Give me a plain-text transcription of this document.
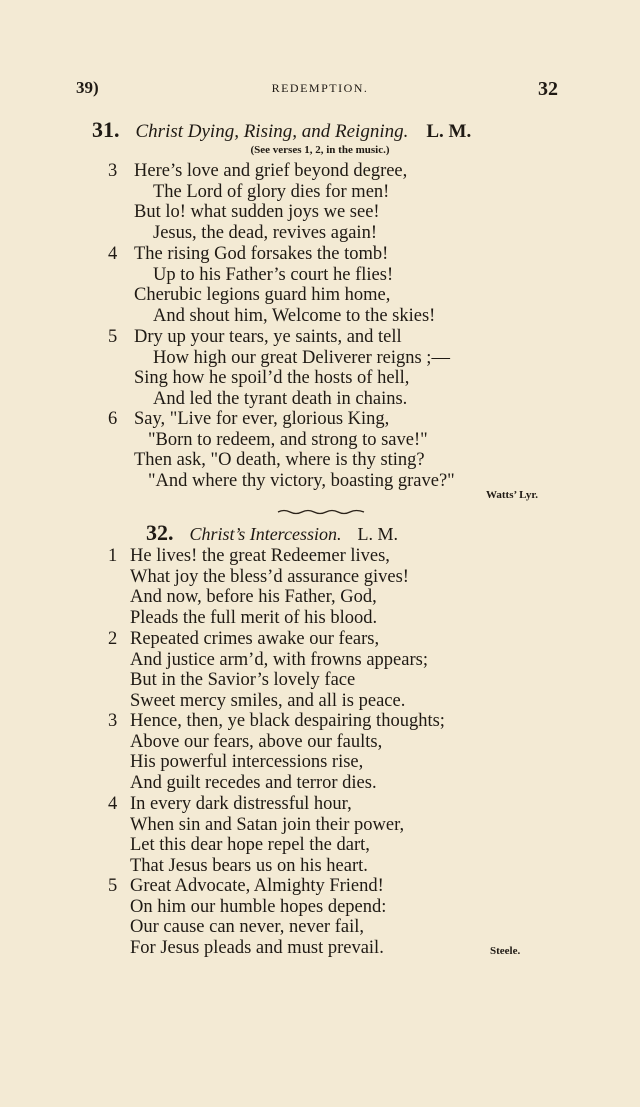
39)	REDEMPTION.	32
31. Christ Dying, Rising, and Reigning. L. M.
(See verses 1, 2, in the music.)
3 Here’s love and grief beyond degree,
The Lord of glory dies for men!
But lo! what sudden joys we see!
Jesus, the dead, revives again!
4 The rising God forsakes the tomb!
Up to his Father’s court he flies!
Cherubic legions guard him home,
And shout him, Welcome to the skies!
5 Dry up your tears, ye saints, and tell
How high our great Deliverer reigns ;—
Sing how he spoil’d the hosts of hell,
And led the tyrant death in chains.
6 Say, "Live for ever, glorious King,
"Born to redeem, and strong to save!"
Then ask, "O death, where is thy sting?
"And where thy victory, boasting grave?"
Watts’ Lyr.
32. Christ’s Intercession. L. M.
1 He lives! the great Redeemer lives,
What joy the bless’d assurance gives!
And now, before his Father, God,
Pleads the full merit of his blood.
2 Repeated crimes awake our fears,
And justice arm’d, with frowns appears;
But in the Savior’s lovely face
Sweet mercy smiles, and all is peace.
3 Hence, then, ye black despairing thoughts;
Above our fears, above our faults,
His powerful intercessions rise,
And guilt recedes and terror dies.
4 In every dark distressful hour,
When sin and Satan join their power,
Let this dear hope repel the dart,
That Jesus bears us on his heart.
5 Great Advocate, Almighty Friend!
On him our humble hopes depend:
Our cause can never, never fail,
For Jesus pleads and must prevail.	Steele.
